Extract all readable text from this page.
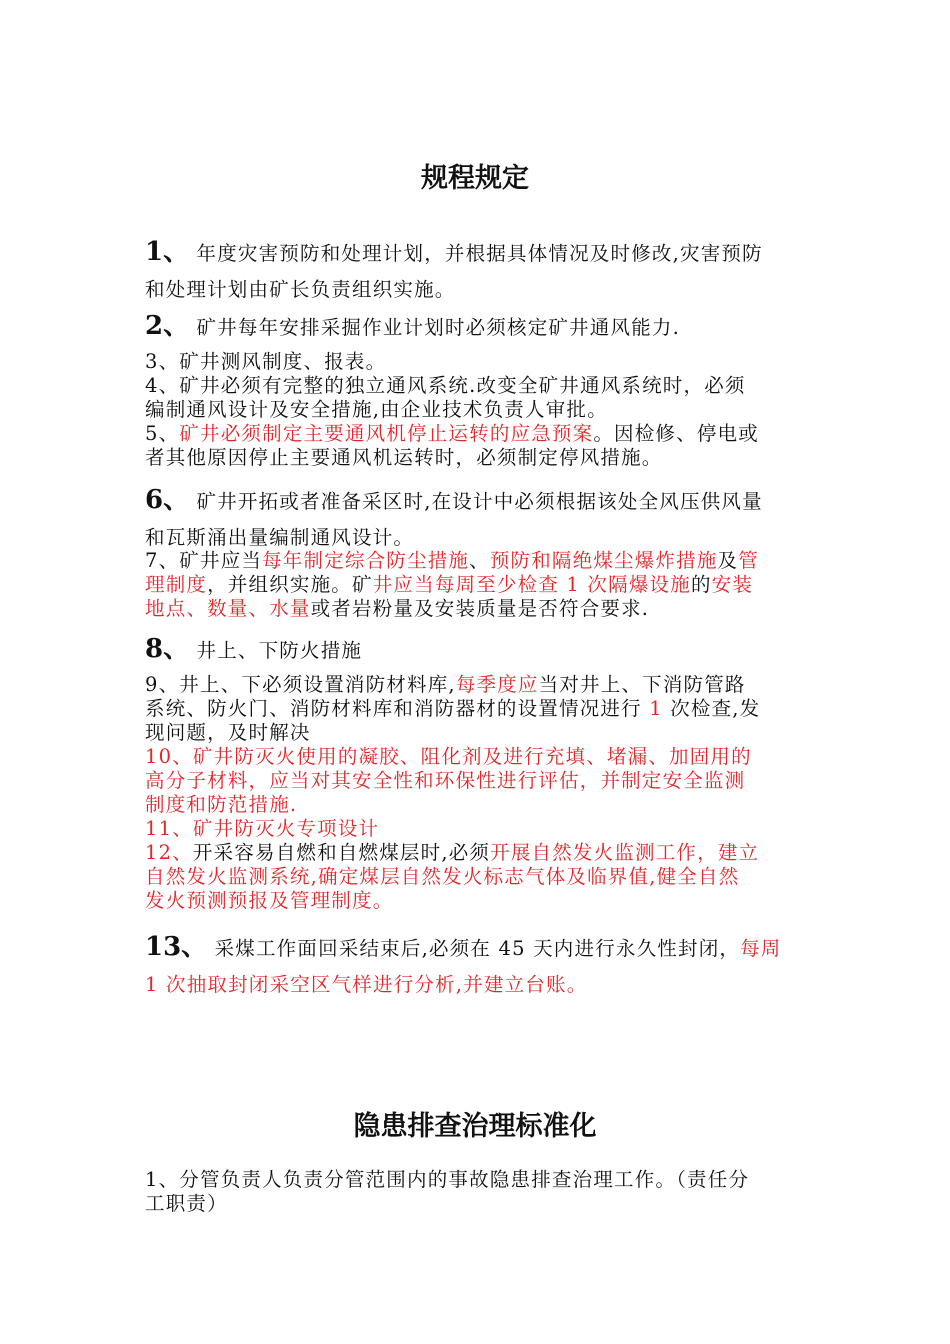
规程规定
1、 年度灾害预防和处理计划，并根据具体情况及时修改,灾害预防
和处理计划由矿长负责组织实施。
2、 矿井每年安排采掘作业计划时必须核定矿井通风能力.
3、矿井测风制度、报表。
4、矿井必须有完整的独立通风系统.改变全矿井通风系统时，必须
编制通风设计及安全措施,由企业技术负责人审批。
5、矿井必须制定主要通风机停止运转的应急预案。因检修、停电或
者其他原因停止主要通风机运转时，必须制定停风措施。
6、 矿井开拓或者准备采区时,在设计中必须根据该处全风压供风量
和瓦斯涌出量编制通风设计。
7、矿井应当每年制定综合防尘措施、预防和隔绝煤尘爆炸措施及管
理制度，并组织实施。矿井应当每周至少检查 1 次隔爆设施的安装
地点、数量、水量或者岩粉量及安装质量是否符合要求.
8、 井上、下防火措施
9、井上、下必须设置消防材料库,每季度应当对井上、下消防管路
系统、防火门、消防材料库和消防器材的设置情况进行 1 次检查,发
现问题，及时解决
10、矿井防灭火使用的凝胶、阻化剂及进行充填、堵漏、加固用的
高分子材料，应当对其安全性和环保性进行评估，并制定安全监测
制度和防范措施.
11、矿井防灭火专项设计
12、开采容易自燃和自燃煤层时,必须开展自然发火监测工作，建立
自然发火监测系统,确定煤层自然发火标志气体及临界值,健全自然
发火预测预报及管理制度。
13、 采煤工作面回采结束后,必须在 45 天内进行永久性封闭，每周
1 次抽取封闭采空区气样进行分析,并建立台账。
隐患排查治理标准化
1、分管负责人负责分管范围内的事故隐患排查治理工作。（责任分
工职责）
